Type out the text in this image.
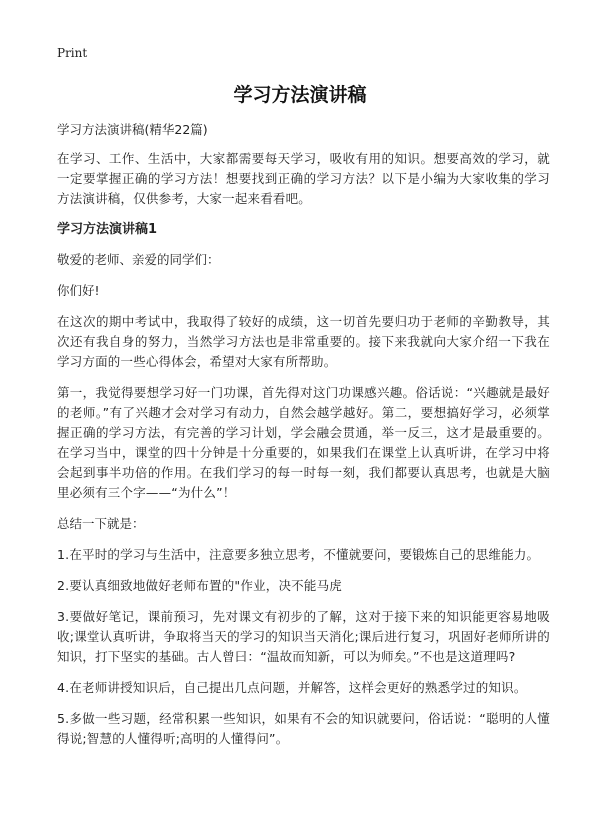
Print
学习方法演讲稿
学习方法演讲稿(精华22篇)

在学习、工作、生活中，大家都需要每天学习，吸收有用的知识。想要高效的学习，就一定要掌握正确的学习方法！想要找到正确的学习方法？以下是小编为大家收集的学习方法演讲稿，仅供参考，大家一起来看看吧。

学习方法演讲稿1
敬爱的老师、亲爱的同学们：
你们好!

在这次的期中考试中，我取得了较好的成绩，这一切首先要归功于老师的辛勤教导，其次还有我自身的努力，当然学习方法也是非常重要的。接下来我就向大家介绍一下我在学习方面的一些心得体会，希望对大家有所帮助。

第一，我觉得要想学习好一门功课，首先得对这门功课感兴趣。俗话说：“兴趣就是最好的老师。”有了兴趣才会对学习有动力，自然会越学越好。第二，要想搞好学习，必须掌握正确的学习方法，有完善的学习计划，学会融会贯通，举一反三，这才是最重要的。在学习当中，课堂的四十分钟是十分重要的，如果我们在课堂上认真听讲，在学习中将会起到事半功倍的作用。在我们学习的每一时每一刻，我们都要认真思考，也就是大脑里必须有三个字——“为什么”！

总结一下就是：
1.在平时的学习与生活中，注意要多独立思考，不懂就要问，要锻炼自己的思维能力。
2.要认真细致地做好老师布置的"作业，决不能马虎
3.要做好笔记，课前预习，先对课文有初步的了解，这对于接下来的知识能更容易地吸收;课堂认真听讲，争取将当天的学习的知识当天消化;课后进行复习，巩固好老师所讲的知识，打下坚实的基础。古人曾曰：“温故而知新，可以为师矣。”不也是这道理吗?
4.在老师讲授知识后，自己提出几点问题，并解答，这样会更好的熟悉学过的知识。
5.多做一些习题，经常积累一些知识，如果有不会的知识就要问，俗话说：“聪明的人懂得说;智慧的人懂得听;高明的人懂得问”。
